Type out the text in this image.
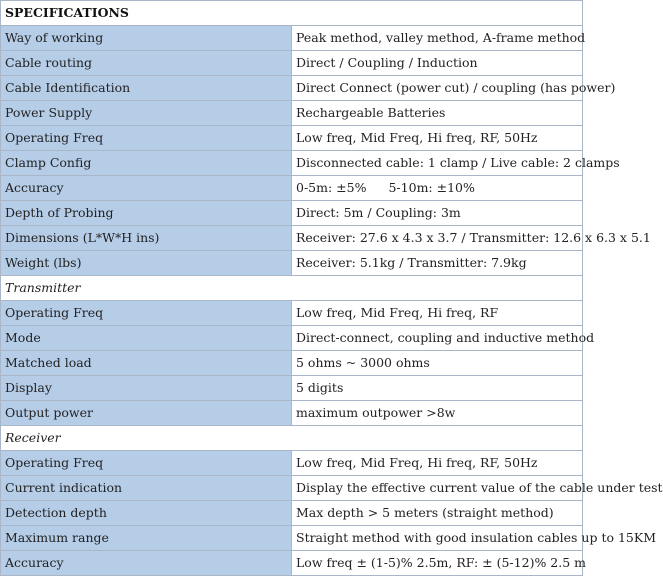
SPECIFICATIONS	
Way of working	Peak method, valley method, A-frame method
Cable routing	Direct / Coupling / Induction
Cable Identification	Direct Connect (power cut) / coupling (has power)
Power Supply	Rechargeable Batteries
Operating Freq	Low freq, Mid Freq, Hi freq, RF, 50Hz
Clamp Config	Disconnected cable: 1 clamp / Live cable: 2 clamps
Accuracy	0-5m: ±5% 5-10m: ±10%
Depth of Probing	Direct: 5m / Coupling: 3m
Dimensions (L*W*H ins)	Receiver: 27.6 x 4.3 x 3.7 / Transmitter: 12.6 x 6.3 x 5.1
Weight (lbs)	Receiver: 5.1kg / Transmitter: 7.9kg
Transmitter	
Operating Freq	Low freq, Mid Freq, Hi freq, RF
Mode	Direct-connect, coupling and inductive method
Matched load	5 ohms ~ 3000 ohms
Display	5 digits
Output power	maximum outpower >8w
Receiver	
Operating Freq	Low freq, Mid Freq, Hi freq, RF, 50Hz
Current indication	Display the effective current value of the cable under test
Detection depth	Max depth > 5 meters (straight method)
Maximum range	Straight method with good insulation cables up to 15KM
Accuracy	Low freq ± (1-5)% 2.5m, RF: ± (5-12)% 2.5 m
